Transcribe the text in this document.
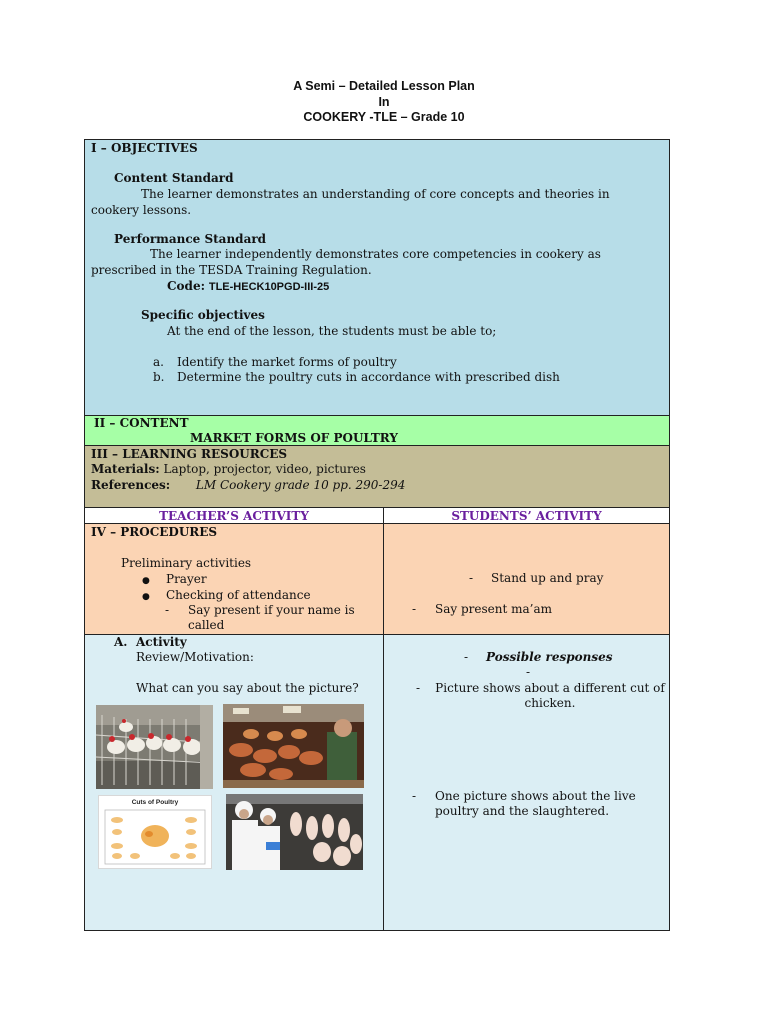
A Semi – Detailed Lesson Plan
In
COOKERY -TLE – Grade 10
I – OBJECTIVES
Content Standard
The learner demonstrates an understanding of core concepts and theories in
cookery lessons.
Performance Standard
The learner independently demonstrates core competencies in cookery as
prescribed in the TESDA Training Regulation.
Code: TLE-HECK10PGD-III-25
Specific objectives
At the end of the lesson, the students must be able to;
a. Identify the market forms of poultry
b. Determine the poultry cuts in accordance with prescribed dish
II – CONTENT
MARKET FORMS OF POULTRY
III – LEARNING RESOURCES
Materials: Laptop, projector, video, pictures
References: LM Cookery grade 10 pp. 290-294
TEACHER’S ACTIVITY	STUDENTS’ ACTIVITY
IV – PROCEDURES
Preliminary activities
● Prayer
● Checking of attendance
- Say present if your name is called
- Stand up and pray
- Say present ma’am
A. Activity
Review/Motivation:
What can you say about the picture?
Cuts of Poultry
- Possible responses
-
- Picture shows about a different cut of chicken.
- One picture shows about the live poultry and the slaughtered.
